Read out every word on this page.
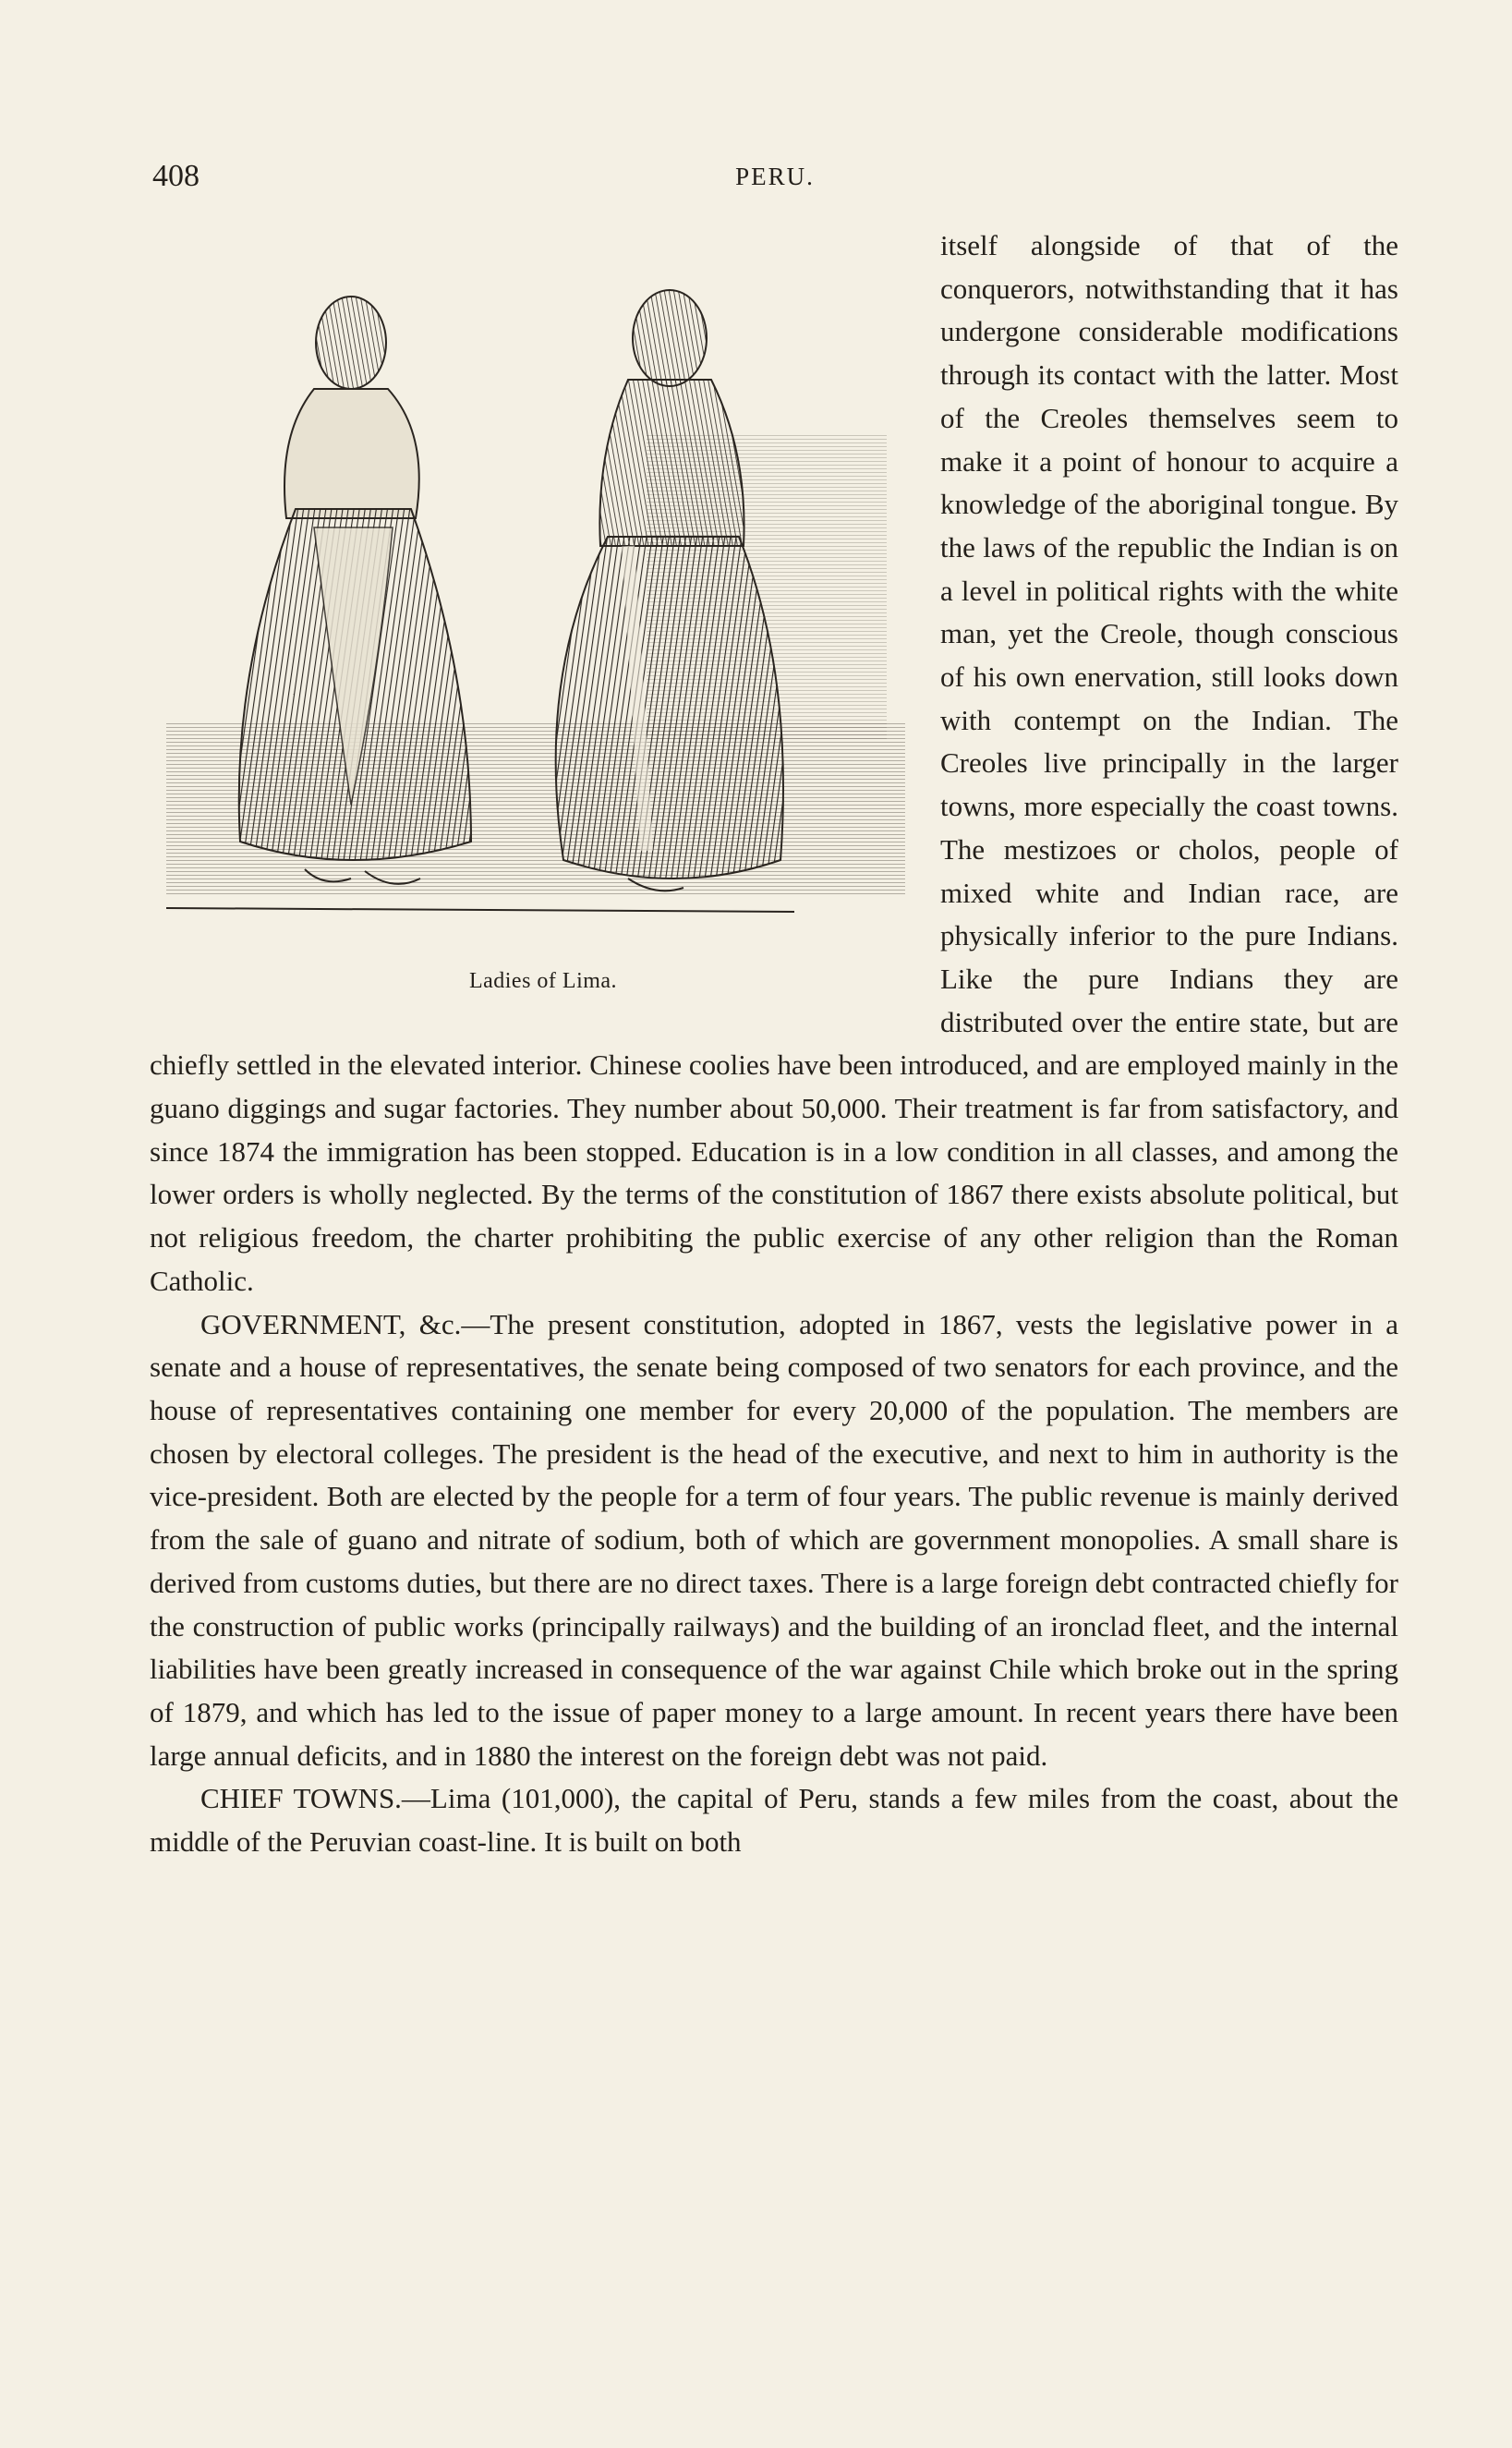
408	PERU.

Ladies of Lima.
itself alongside of that of the conquerors, notwithstanding that it has undergone considerable modifications through its contact with the latter. Most of the Creoles themselves seem to make it a point of honour to acquire a knowledge of the aboriginal tongue. By the laws of the republic the Indian is on a level in political rights with the white man, yet the Creole, though conscious of his own enervation, still looks down with contempt on the Indian. The Creoles live principally in the larger towns, more especially the coast towns. The mestizoes or cholos, people of mixed white and Indian race, are physically inferior to the pure Indians. Like the pure Indians they are distributed over the entire state, but are chiefly settled in the elevated interior. Chinese coolies have been introduced, and are employed mainly in the guano diggings and sugar factories. They number about 50,000. Their treatment is far from satisfactory, and since 1874 the immigration has been stopped. Education is in a low condition in all classes, and among the lower orders is wholly neglected. By the terms of the constitution of 1867 there exists absolute political, but not religious freedom, the charter prohibiting the public exercise of any other religion than the Roman Catholic.

GOVERNMENT, &c.—The present constitution, adopted in 1867, vests the legislative power in a senate and a house of representatives, the senate being composed of two senators for each province, and the house of representatives containing one member for every 20,000 of the population. The members are chosen by electoral colleges. The president is the head of the executive, and next to him in authority is the vice-president. Both are elected by the people for a term of four years. The public revenue is mainly derived from the sale of guano and nitrate of sodium, both of which are government monopolies. A small share is derived from customs duties, but there are no direct taxes. There is a large foreign debt contracted chiefly for the construction of public works (principally railways) and the building of an ironclad fleet, and the internal liabilities have been greatly increased in consequence of the war against Chile which broke out in the spring of 1879, and which has led to the issue of paper money to a large amount. In recent years there have been large annual deficits, and in 1880 the interest on the foreign debt was not paid.

CHIEF TOWNS.—Lima (101,000), the capital of Peru, stands a few miles from the coast, about the middle of the Peruvian coast-line. It is built on both
